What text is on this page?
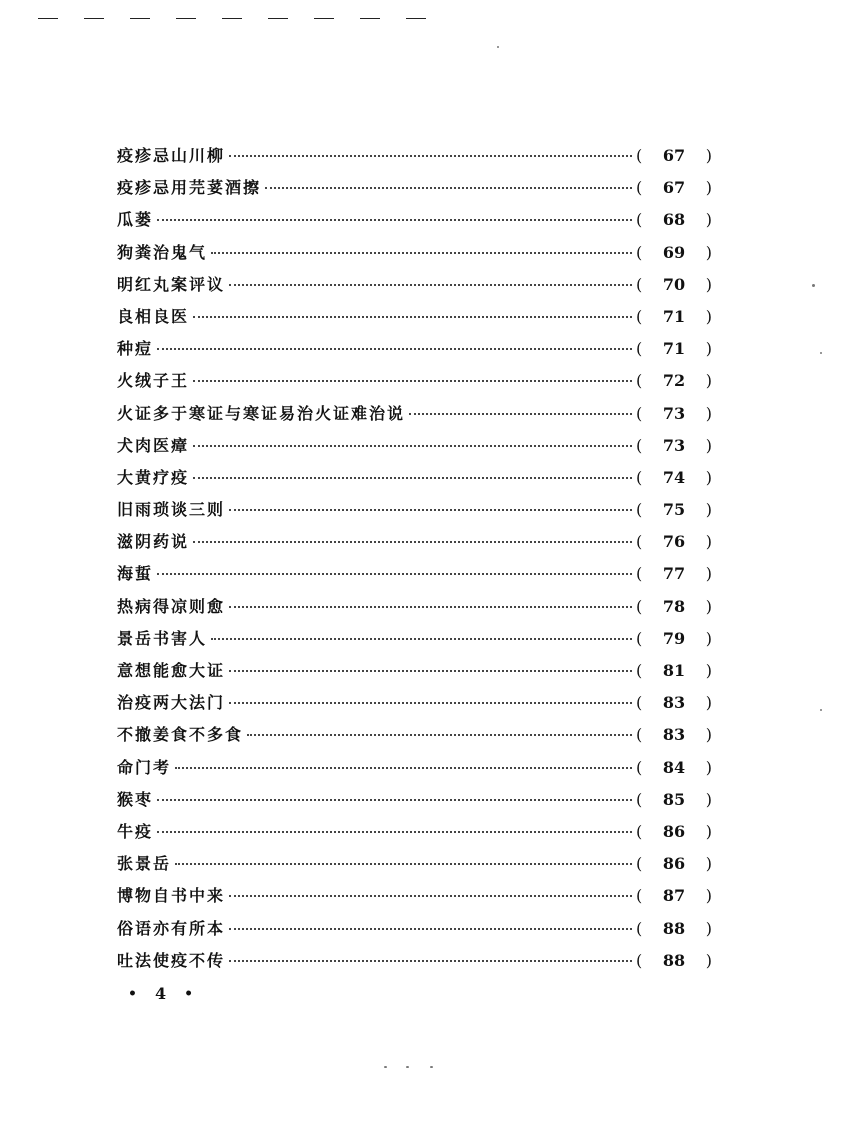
疫疹忌山川柳	(	67	)
疫疹忌用芫荽酒擦	(	67	)
瓜蒌	(	68	)
狗粪治鬼气	(	69	)
明红丸案评议	(	70	)
良相良医	(	71	)
种痘	(	71	)
火绒子王	(	72	)
火证多于寒证与寒证易治火证难治说	(	73	)
犬肉医瘴	(	73	)
大黄疗疫	(	74	)
旧雨琐谈三则	(	75	)
滋阴药说	(	76	)
海蜇	(	77	)
热病得凉则愈	(	78	)
景岳书害人	(	79	)
意想能愈大证	(	81	)
治疫两大法门	(	83	)
不撤姜食不多食	(	83	)
命门考	(	84	)
猴枣	(	85	)
牛疫	(	86	)
张景岳	(	86	)
博物自书中来	(	87	)
俗语亦有所本	(	88	)
吐法使疫不传	(	88	)
• 4 •
